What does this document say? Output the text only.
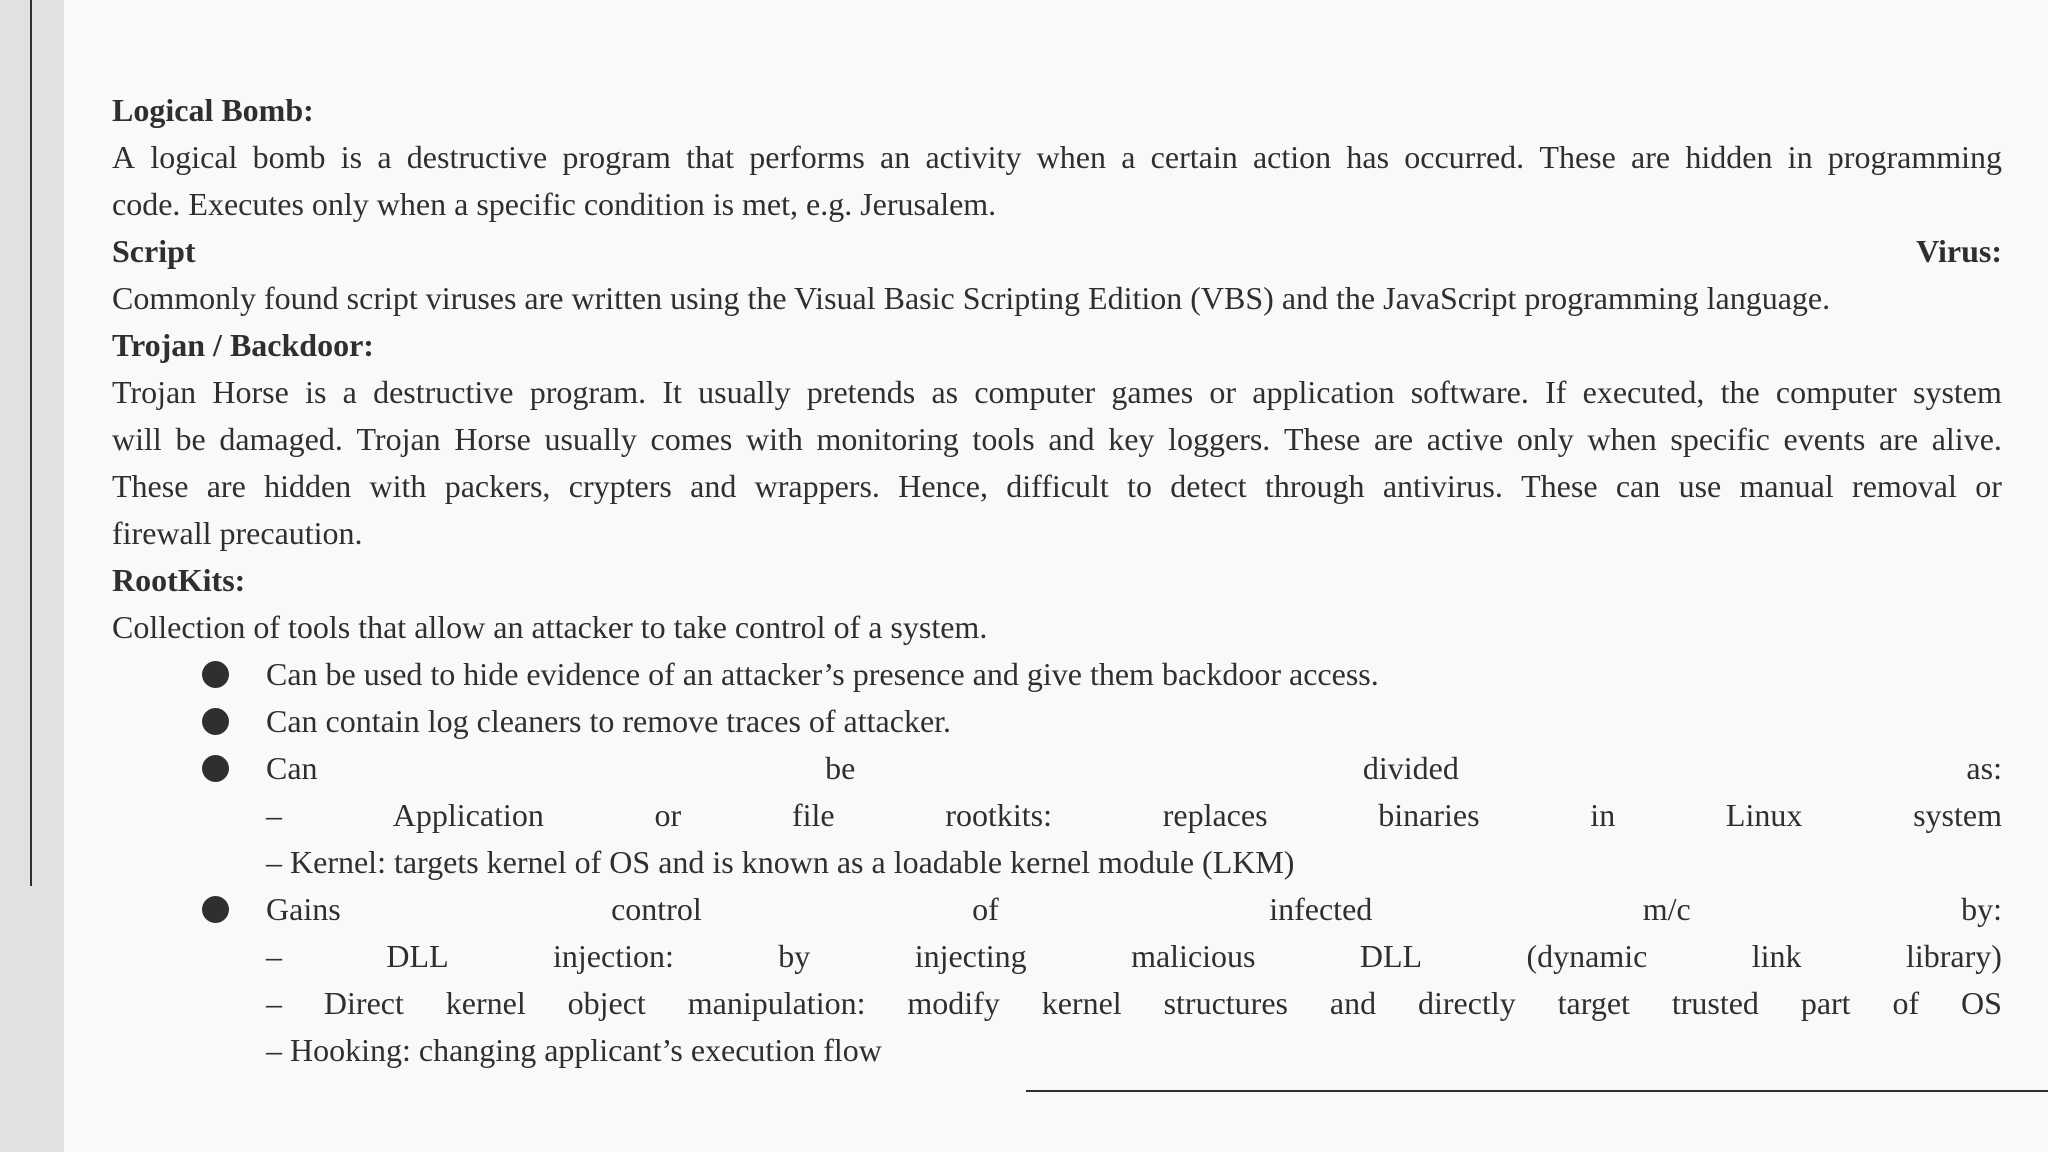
Logical Bomb:
A logical bomb is a destructive program that performs an activity when a certain action has occurred. These are hidden in programming
code. Executes only when a specific condition is met, e.g. Jerusalem.
Script	Virus:
Commonly found script viruses are written using the Visual Basic Scripting Edition (VBS) and the JavaScript programming language.
Trojan / Backdoor:
Trojan Horse is a destructive program. It usually pretends as computer games or application software. If executed, the computer system
will be damaged. Trojan Horse usually comes with monitoring tools and key loggers. These are active only when specific events are alive.
These are hidden with packers, crypters and wrappers. Hence, difficult to detect through antivirus. These can use manual removal or
firewall precaution.
RootKits:
Collection of tools that allow an attacker to take control of a system.
Can be used to hide evidence of an attacker’s presence and give them backdoor access.
Can contain log cleaners to remove traces of attacker.
Can	be	divided	as:
–	Application	or	file	rootkits:	replaces	binaries	in	Linux	system
– Kernel: targets kernel of OS and is known as a loadable kernel module (LKM)
Gains	control	of	infected	m/c	by:
–	DLL	injection:	by	injecting	malicious	DLL	(dynamic	link	library)
– Direct kernel object manipulation: modify kernel structures and directly target trusted part of OS
– Hooking: changing applicant’s execution flow
